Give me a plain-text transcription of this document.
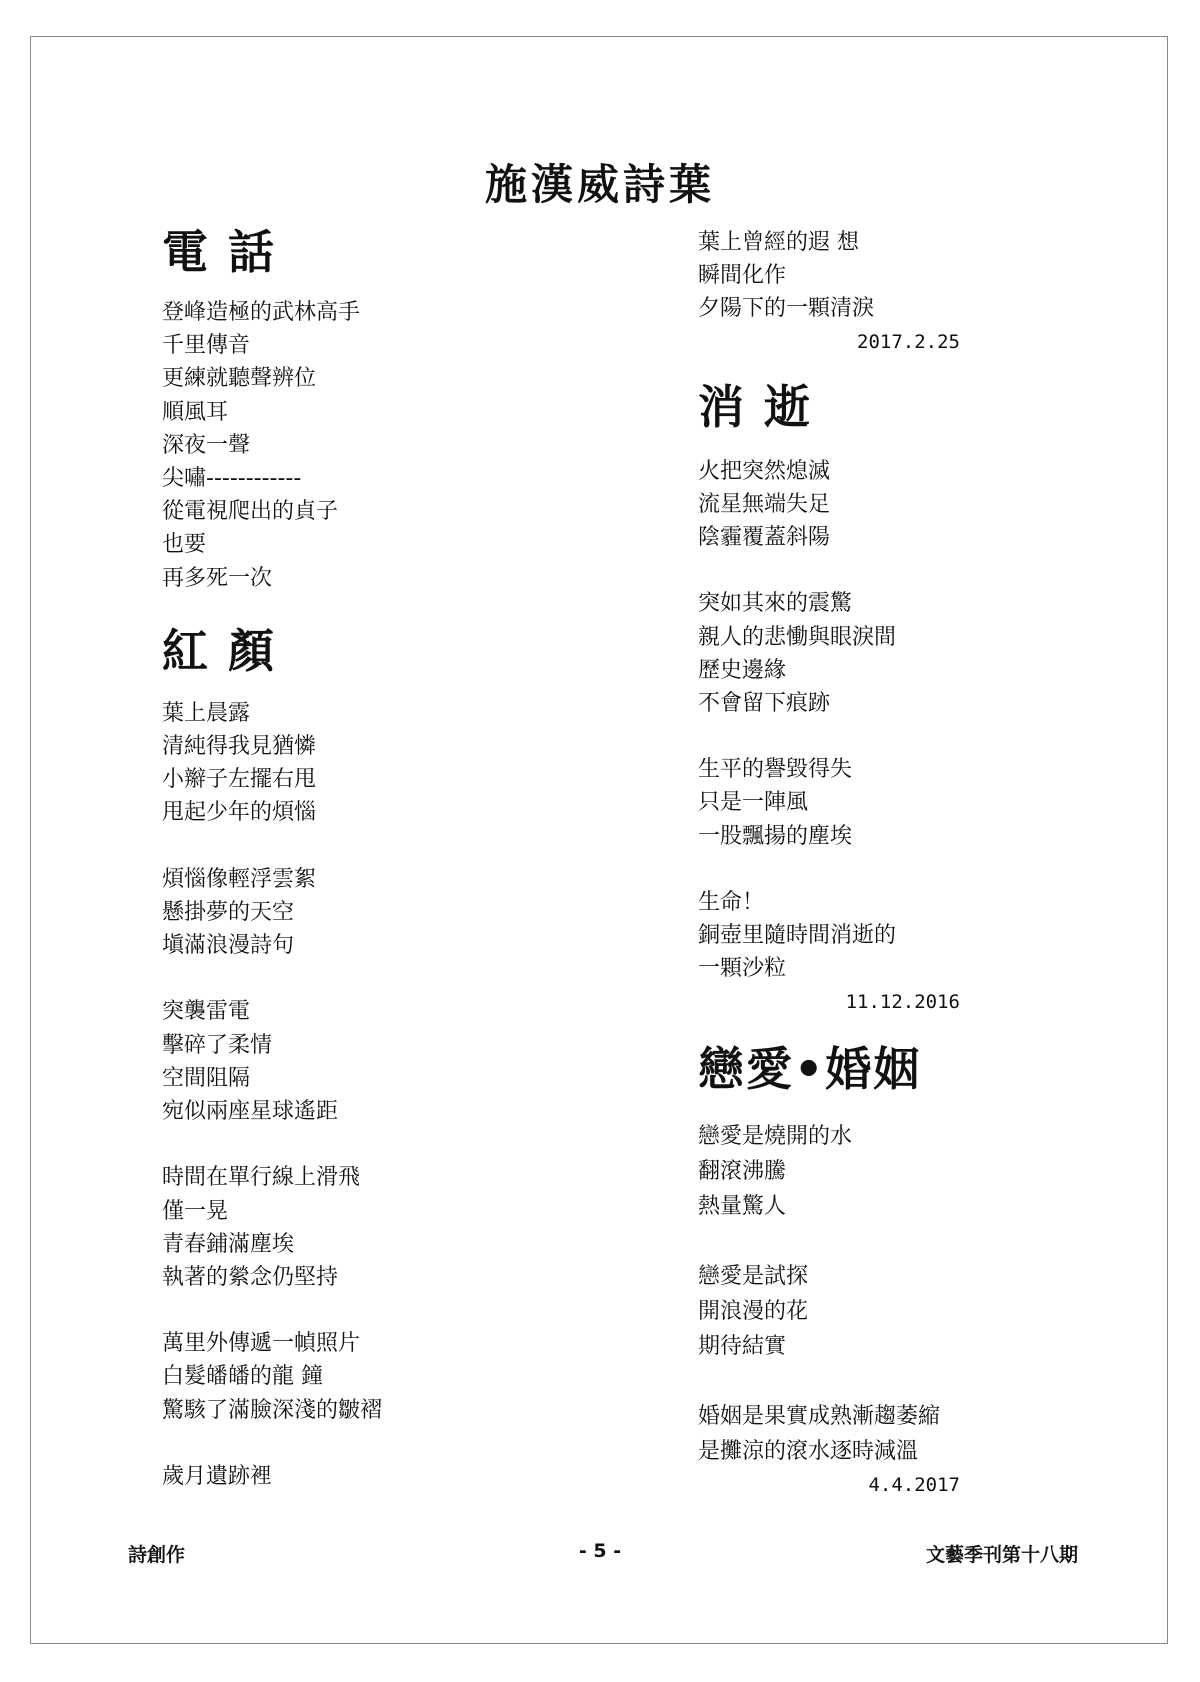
施漢威詩葉
電 話
登峰造極的武林高手
千里傳音
更練就聽聲辨位
順風耳
深夜一聲
尖嘯------------
從電視爬出的貞子
也要
再多死一次
紅 顏
葉上晨露
清純得我見猶憐
小辮子左擺右甩
甩起少年的煩惱
煩惱像輕浮雲絮
懸掛夢的天空
塡滿浪漫詩句
突襲雷電
擊碎了柔情
空間阻隔
宛似兩座星球遙距
時間在單行線上滑飛
僅一晃
青春鋪滿塵埃
執著的縈念仍堅持
萬里外傳遞一幀照片
白髮皤皤的龍 鐘
驚駭了滿臉深淺的皺褶
歲月遺跡裡
葉上曾經的遐 想
瞬間化作
夕陽下的一顆清淚
2017.2.25
消 逝
火把突然熄滅
流星無端失足
陰霾覆蓋斜陽
突如其來的震驚
親人的悲慟與眼淚間
歷史邊緣
不會留下痕跡
生平的譽毀得失
只是一陣風
一股飄揚的塵埃
生命！
銅壺里隨時間消逝的
一顆沙粒
11.12.2016
戀愛•婚姻
戀愛是燒開的水
翻滾沸騰
熱量驚人
戀愛是試探
開浪漫的花
期待結實
婚姻是果實成熟漸趨萎縮
是攤涼的滾水逐時減溫
4.4.2017
詩創作	- 5 -	文藝季刊第十八期
